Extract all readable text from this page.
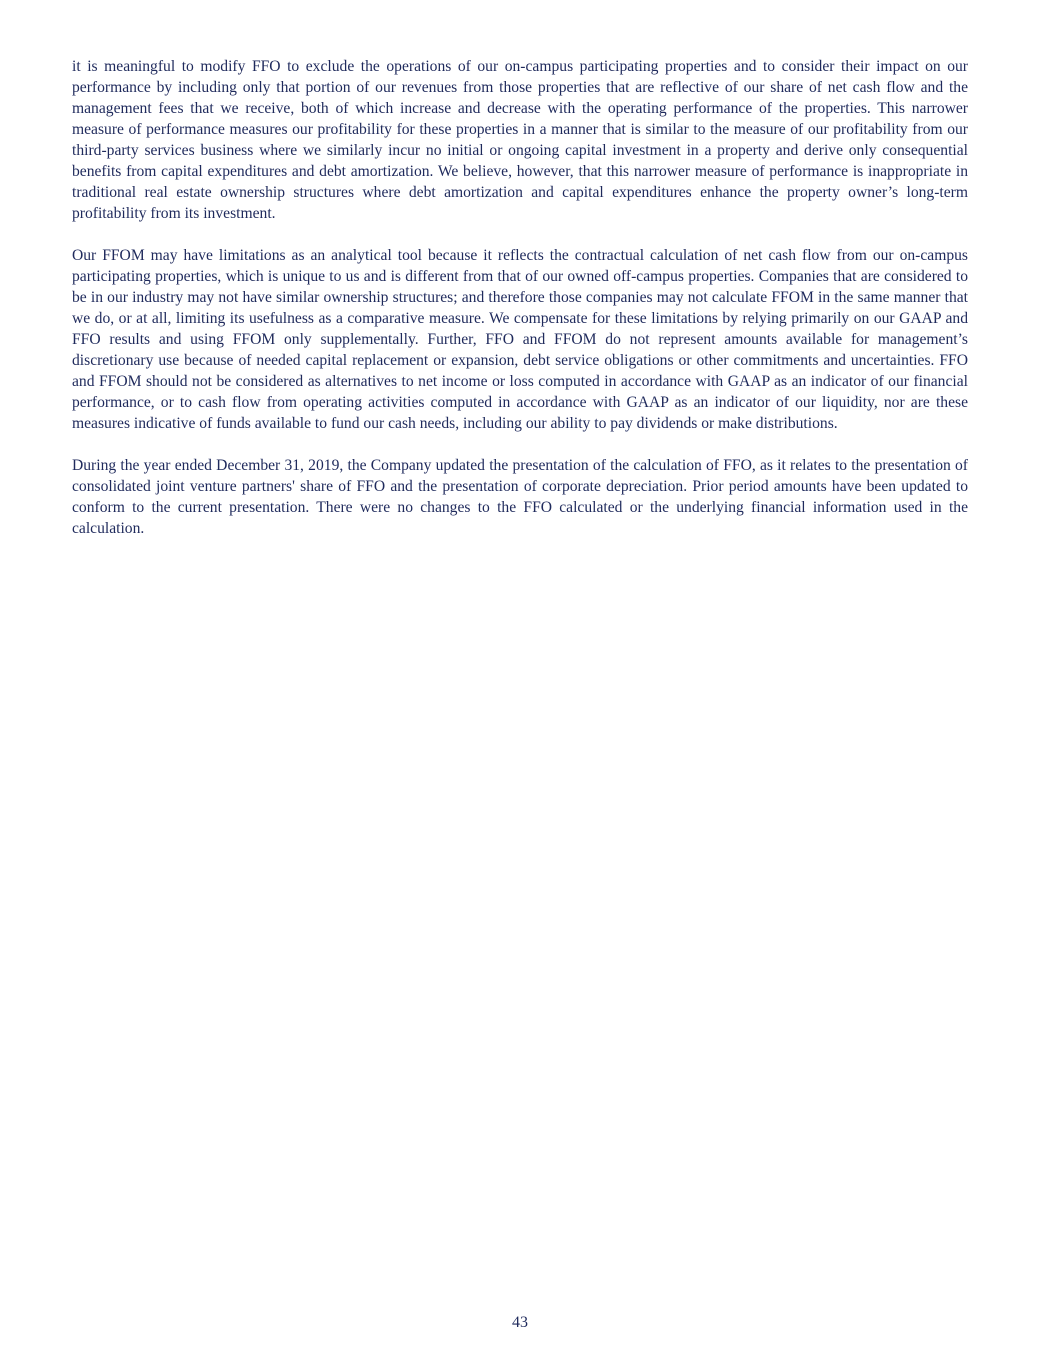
it is meaningful to modify FFO to exclude the operations of our on-campus participating properties and to consider their impact on our performance by including only that portion of our revenues from those properties that are reflective of our share of net cash flow and the management fees that we receive, both of which increase and decrease with the operating performance of the properties. This narrower measure of performance measures our profitability for these properties in a manner that is similar to the measure of our profitability from our third-party services business where we similarly incur no initial or ongoing capital investment in a property and derive only consequential benefits from capital expenditures and debt amortization. We believe, however, that this narrower measure of performance is inappropriate in traditional real estate ownership structures where debt amortization and capital expenditures enhance the property owner’s long-term profitability from its investment.

Our FFOM may have limitations as an analytical tool because it reflects the contractual calculation of net cash flow from our on-campus participating properties, which is unique to us and is different from that of our owned off-campus properties. Companies that are considered to be in our industry may not have similar ownership structures; and therefore those companies may not calculate FFOM in the same manner that we do, or at all, limiting its usefulness as a comparative measure. We compensate for these limitations by relying primarily on our GAAP and FFO results and using FFOM only supplementally. Further, FFO and FFOM do not represent amounts available for management’s discretionary use because of needed capital replacement or expansion, debt service obligations or other commitments and uncertainties. FFO and FFOM should not be considered as alternatives to net income or loss computed in accordance with GAAP as an indicator of our financial performance, or to cash flow from operating activities computed in accordance with GAAP as an indicator of our liquidity, nor are these measures indicative of funds available to fund our cash needs, including our ability to pay dividends or make distributions.

During the year ended December 31, 2019, the Company updated the presentation of the calculation of FFO, as it relates to the presentation of consolidated joint venture partners' share of FFO and the presentation of corporate depreciation. Prior period amounts have been updated to conform to the current presentation. There were no changes to the FFO calculated or the underlying financial information used in the calculation.

43
